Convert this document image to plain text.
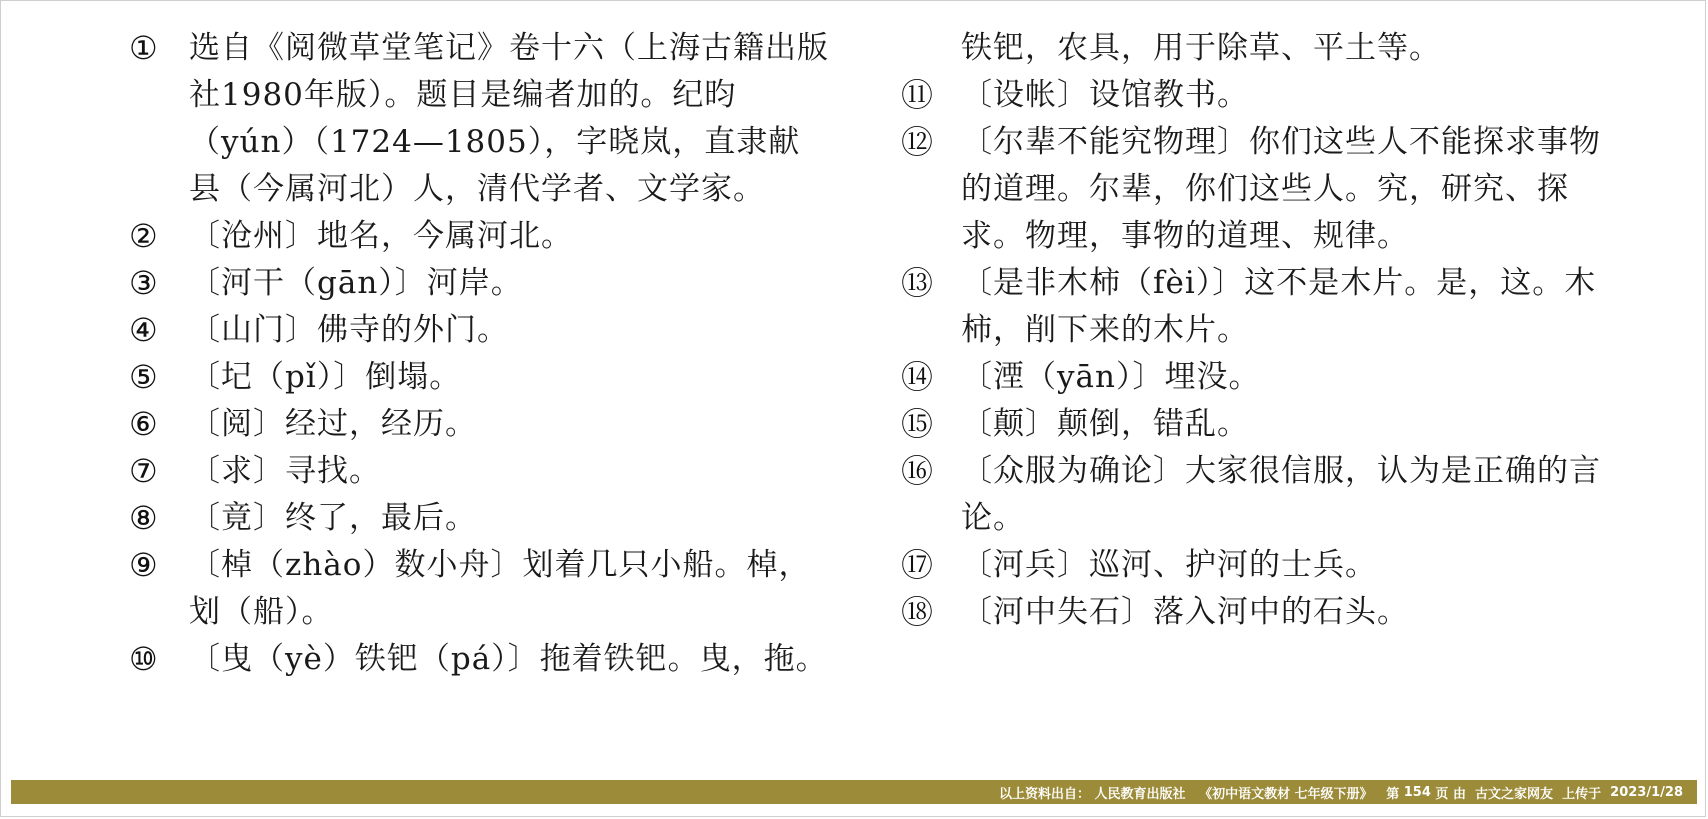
① 选自《阅微草堂笔记》卷十六（上海古籍出版社1980年版）。题目是编者加的。纪昀（yún）（1724—1805），字晓岚，直隶献县（今属河北）人，清代学者、文学家。

② 〔沧州〕地名，今属河北。

③ 〔河干（gān）〕河岸。

④ 〔山门〕佛寺的外门。

⑤ 〔圮（pǐ）〕倒塌。

⑥ 〔阅〕经过，经历。

⑦ 〔求〕寻找。

⑧ 〔竟〕终了，最后。

⑨ 〔棹（zhào）数小舟〕划着几只小船。棹，划（船）。

⑩ 〔曳（yè）铁钯（pá）〕拖着铁钯。曳，拖。

铁钯，农具，用于除草、平土等。

⑪ 〔设帐〕设馆教书。

⑫ 〔尔辈不能究物理〕你们这些人不能探求事物的道理。尔辈，你们这些人。究，研究、探求。物理，事物的道理、规律。

⑬ 〔是非木柿（fèi）〕这不是木片。是，这。木柿，削下来的木片。

⑭ 〔湮（yān）〕埋没。

⑮ 〔颠〕颠倒，错乱。

⑯ 〔众服为确论〕大家很信服，认为是正确的言论。

⑰ 〔河兵〕巡河、护河的士兵。

⑱ 〔河中失石〕落入河中的石头。

以上资料出自：
人民教育出版社
《初中语文教材 七年级下册》
第
154
页 由
古文之家网友
上传于
2023/1/28
